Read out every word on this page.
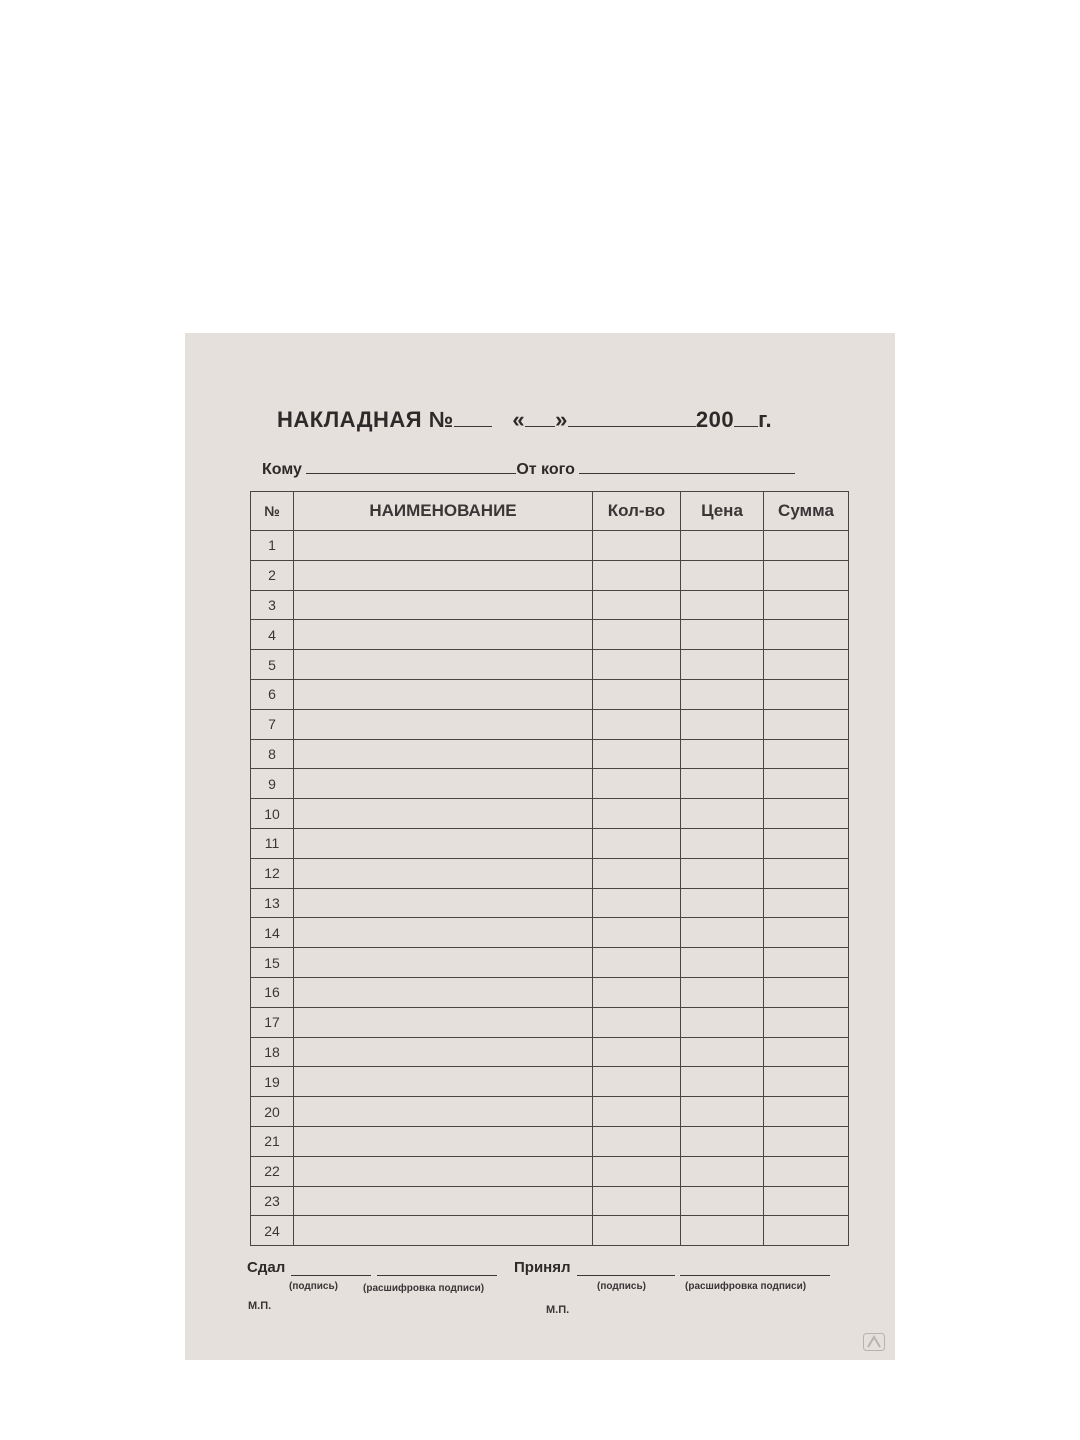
НАКЛАДНАЯ №	« »	200 г.
Кому	От кого
№	НАИМЕНОВАНИЕ	Кол-во	Цена	Сумма
1				
2				
3				
4				
5				
6				
7				
8				
9				
10				
11				
12				
13				
14				
15				
16				
17				
18				
19				
20				
21				
22				
23				
24				
Сдал
(подпись)	(расшифровка подписи)
Принял
(подпись)	(расшифровка подписи)
М.П.	М.П.
